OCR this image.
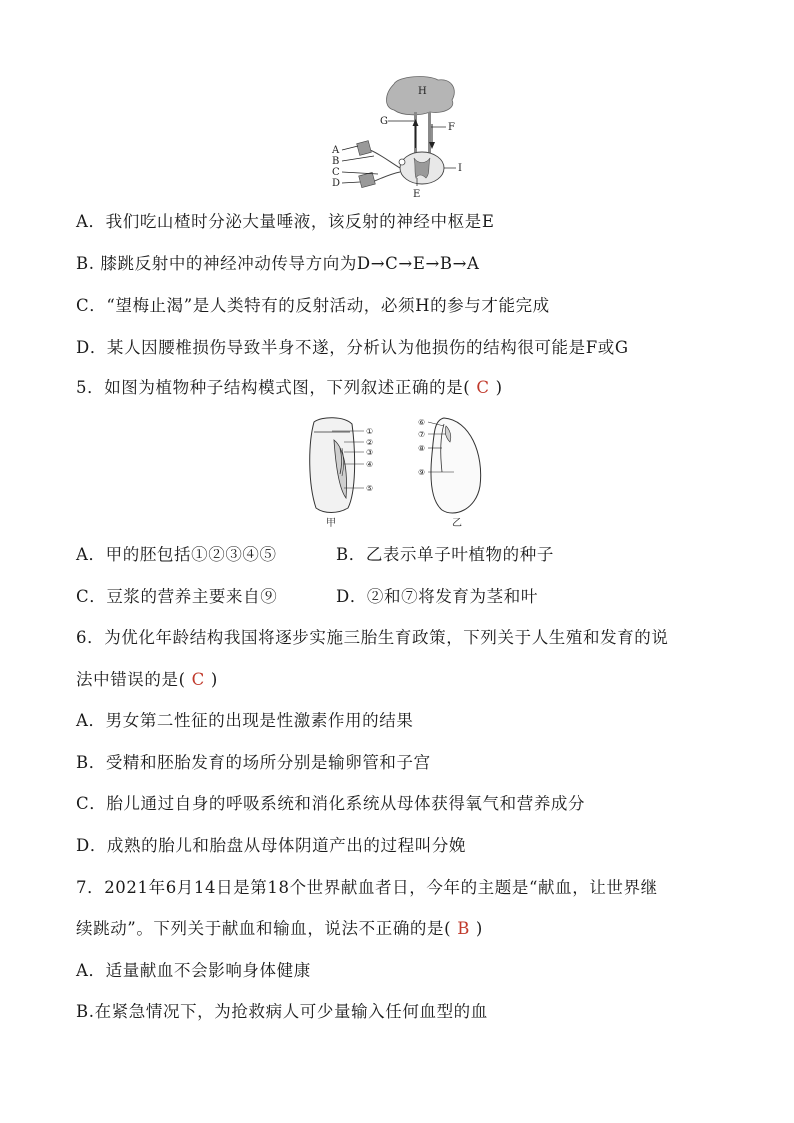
H
G
F
A
B
C
D
E
I
A．我们吃山楂时分泌大量唾液，该反射的神经中枢是E
B. 膝跳反射中的神经冲动传导方向为D→C→E→B→A
C．“望梅止渴”是人类特有的反射活动，必须H的参与才能完成
D．某人因腰椎损伤导致半身不遂，分析认为他损伤的结构很可能是F或G
5．如图为植物种子结构模式图，下列叙述正确的是( C )
①
②
③
④
⑤
甲
⑥
⑦
⑧
⑨
乙
A．甲的胚包括①②③④⑤	B．乙表示单子叶植物的种子
C．豆浆的营养主要来自⑨	D．②和⑦将发育为茎和叶
6．为优化年龄结构我国将逐步实施三胎生育政策，下列关于人生殖和发育的说
法中错误的是( C )
A．男女第二性征的出现是性激素作用的结果
B．受精和胚胎发育的场所分别是输卵管和子宫
C．胎儿通过自身的呼吸系统和消化系统从母体获得氧气和营养成分
D．成熟的胎儿和胎盘从母体阴道产出的过程叫分娩
7．2021年6月14日是第18个世界献血者日，今年的主题是“献血，让世界继
续跳动”。下列关于献血和输血，说法不正确的是( B )
A．适量献血不会影响身体健康
B.在紧急情况下，为抢救病人可少量输入任何血型的血
